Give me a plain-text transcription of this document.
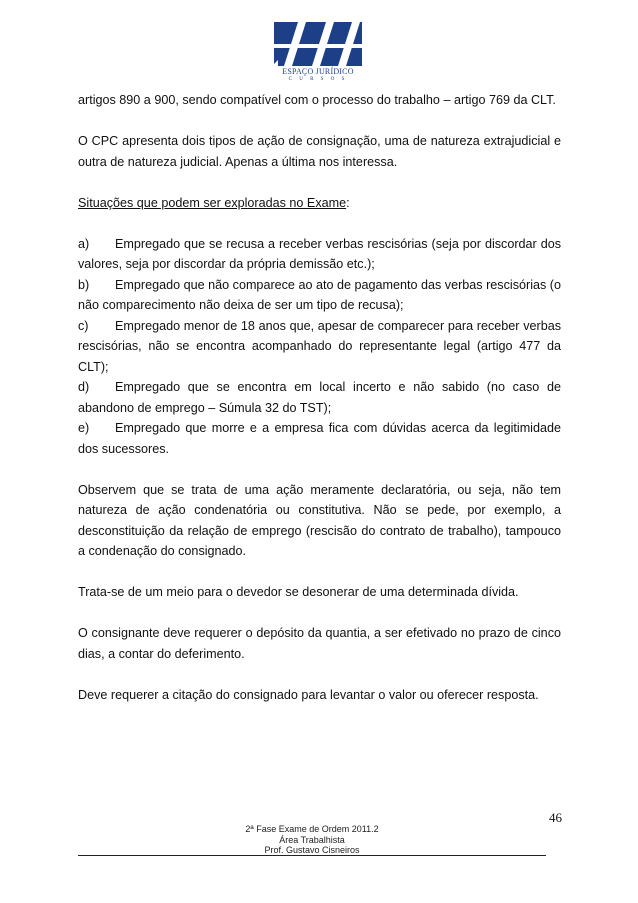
ESPAÇO JURÍDICO
C U R S O S

artigos 890 a 900, sendo compatível com o processo do trabalho – artigo 769 da CLT.

O CPC apresenta dois tipos de ação de consignação, uma de natureza extrajudicial e outra de natureza judicial. Apenas a última nos interessa.

Situações que podem ser exploradas no Exame:

a) Empregado que se recusa a receber verbas rescisórias (seja por discordar dos valores, seja por discordar da própria demissão etc.);

b) Empregado que não comparece ao ato de pagamento das verbas rescisórias (o não comparecimento não deixa de ser um tipo de recusa);

c) Empregado menor de 18 anos que, apesar de comparecer para receber verbas rescisórias, não se encontra acompanhado do representante legal (artigo 477 da CLT);

d) Empregado que se encontra em local incerto e não sabido (no caso de abandono de emprego – Súmula 32 do TST);

e) Empregado que morre e a empresa fica com dúvidas acerca da legitimidade dos sucessores.

Observem que se trata de uma ação meramente declaratória, ou seja, não tem natureza de ação condenatória ou constitutiva. Não se pede, por exemplo, a desconstituição da relação de emprego (rescisão do contrato de trabalho), tampouco a condenação do consignado.

Trata-se de um meio para o devedor se desonerar de uma determinada dívida.

O consignante deve requerer o depósito da quantia, a ser efetivado no prazo de cinco dias, a contar do deferimento.

Deve requerer a citação do consignado para levantar o valor ou oferecer resposta.

46
2ª Fase Exame de Ordem 2011.2
Área Trabalhista
Prof. Gustavo Cisneiros
